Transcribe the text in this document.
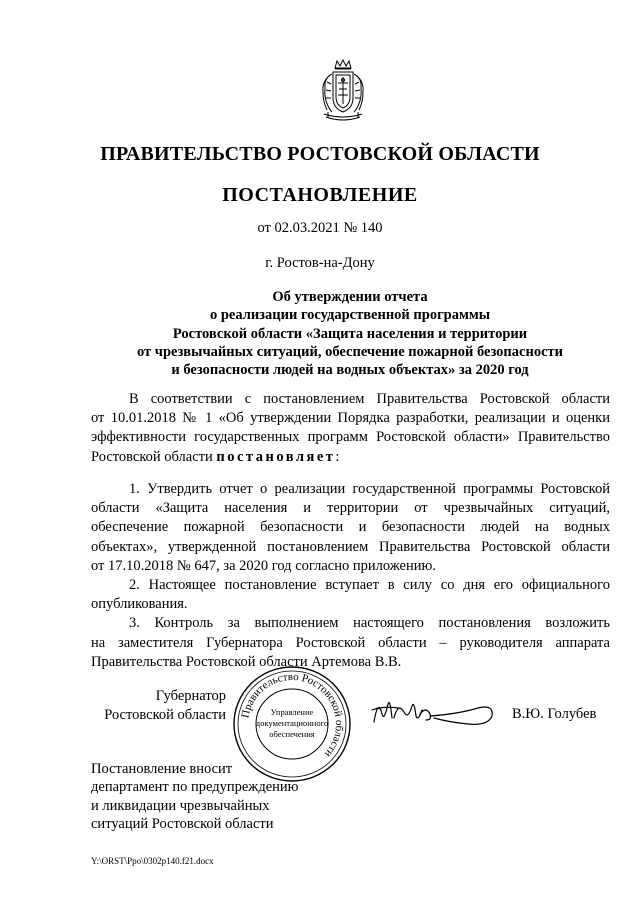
ПРАВИТЕЛЬСТВО РОСТОВСКОЙ ОБЛАСТИ
ПОСТАНОВЛЕНИЕ
от 02.03.2021 № 140
г. Ростов-на-Дону
Об утверждении отчета
о реализации государственной программы
Ростовской области «Защита населения и территории
от чрезвычайных ситуаций, обеспечение пожарной безопасности
и безопасности людей на водных объектах» за 2020 год
В соответствии с постановлением Правительства Ростовской области
от 10.01.2018 № 1 «Об утверждении Порядка разработки, реализации и оценки
эффективности государственных программ Ростовской области» Правительство
Ростовской области постановляет:
1. Утвердить отчет о реализации государственной программы Ростовской
области «Защита населения и территории от чрезвычайных ситуаций,
обеспечение пожарной безопасности и безопасности людей на водных
объектах», утвержденной постановлением Правительства Ростовской области
от 17.10.2018 № 647, за 2020 год согласно приложению.
2. Настоящее постановление вступает в силу со дня его официального
опубликования.
3. Контроль за выполнением настоящего постановления возложить
на заместителя Губернатора Ростовской области – руководителя аппарата
Правительства Ростовской области Артемова В.В.
Губернатор
Ростовской области Правительство Ростовской области
Управление
документационного
обеспечения
В.Ю. Голубев
Постановление вносит
департамент по предупреждению
и ликвидации чрезвычайных
ситуаций Ростовской области
Y:\ORST\Ppo\0302p140.f21.docx
